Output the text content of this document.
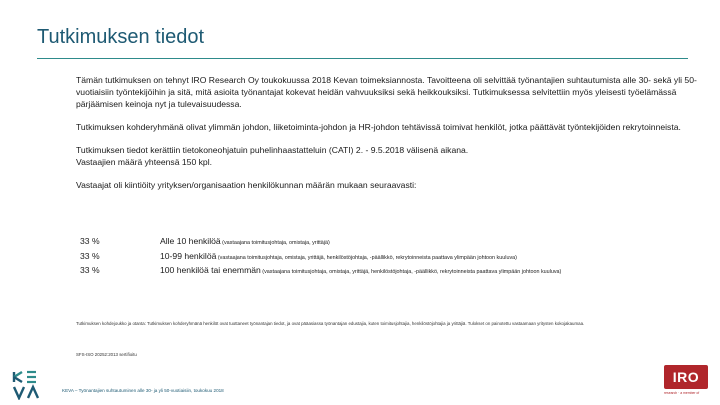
Tutkimuksen tiedot

Tämän tutkimuksen on tehnyt IRO Research Oy toukokuussa 2018 Kevan toimeksiannosta. Tavoitteena oli selvittää työnantajien suhtautumista alle 30- sekä yli 50-vuotiaisiin työntekijöihin ja sitä, mitä asioita työnantajat kokevat heidän vahvuuksiksi sekä heikkouksiksi. Tutkimuksessa selvitettiin myös yleisesti työelämässä pärjäämisen keinoja nyt ja tulevaisuudessa.

Tutkimuksen kohderyhmänä olivat ylimmän johdon, liiketoiminta-johdon ja HR-johdon tehtävissä toimivat henkilöt, jotka päättävät työntekijöiden rekrytoinneista.

Tutkimuksen tiedot kerättiin tietokoneohjatuin puhelinhaastatteluin (CATI) 2. - 9.5.2018 välisenä aikana.
Vastaajien määrä yhteensä 150 kpl.

Vastaajat oli kiintiöity yrityksen/organisaation henkilökunnan määrän mukaan seuraavasti:

33 %	Alle 10 henkilöä (vastaajana toimitusjohtaja, omistaja, yrittäjä)
33 %	10-99 henkilöä (vastaajana toimitusjohtaja, omistaja, yrittäjä, henkilöstöjohtaja, -päällikkö, rekrytoinneista paattava ylimpään johtoon kuuluva)
33 %	100 henkilöä tai enemmän (vastaajana toimitusjohtaja, omistaja, yrittäjä, henkilöstöjohtaja, -päällikkö, rekrytoinneista paattava ylimpään johtoon kuuluva)
Tutkimuksen kohdejoukko ja otanta: Tutkimuksen kohderyhmänä henkilöt ovat tuottaneet työnantajan tiedot, ja ovat pääasiassa työnantajan edustajia, kuten toimitusjohtajia, henkilöstöjohtajia ja yrittäjiä. Tulokset on painotettu vastaamaan yritysten kokojakaumaa.
SFS-ISO 20252:2013 sertifioitu
KEVA – Työnantajien suhtautuminen alle 30- ja yli 50-vuotiaisiin, toukokuu 2018
IRO
research · a member of
